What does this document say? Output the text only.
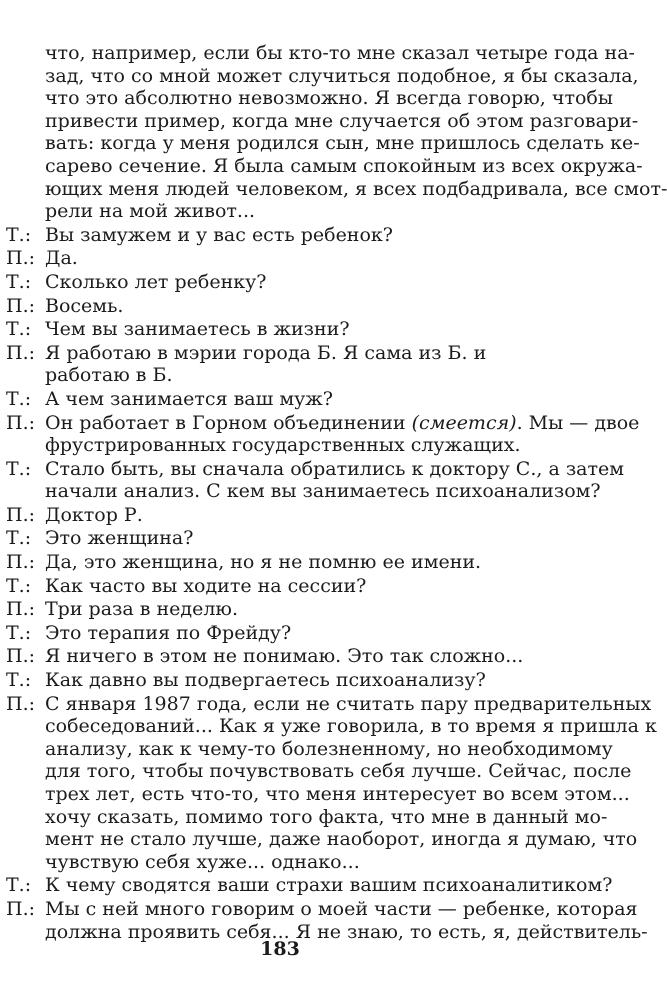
что, например, если бы кто-то мне сказал четыре года на-
зад, что со мной может случиться подобное, я бы сказала,
что это абсолютно невозможно. Я всегда говорю, чтобы
привести пример, когда мне случается об этом разговари-
вать: когда у меня родился сын, мне пришлось сделать ке-
сарево сечение. Я была самым спокойным из всех окружа-
ющих меня людей человеком, я всех подбадривала, все смот-
рели на мой живот...
Т.: Вы замужем и у вас есть ребенок?
П.: Да.
Т.: Сколько лет ребенку?
П.: Восемь.
Т.: Чем вы занимаетесь в жизни?
П.: Я работаю в мэрии города Б. Я сама из Б. и
работаю в Б.
Т.: А чем занимается ваш муж?
П.: Он работает в Горном объединении (смеется). Мы — двое
фрустрированных государственных служащих.
Т.: Стало быть, вы сначала обратились к доктору С., а затем
начали анализ. С кем вы занимаетесь психоанализом?
П.: Доктор Р.
Т.: Это женщина?
П.: Да, это женщина, но я не помню ее имени.
Т.: Как часто вы ходите на сессии?
П.: Три раза в неделю.
Т.: Это терапия по Фрейду?
П.: Я ничего в этом не понимаю. Это так сложно...
Т.: Как давно вы подвергаетесь психоанализу?
П.: С января 1987 года, если не считать пару предварительных
собеседований... Как я уже говорила, в то время я пришла к
анализу, как к чему-то болезненному, но необходимому
для того, чтобы почувствовать себя лучше. Сейчас, после
трех лет, есть что-то, что меня интересует во всем этом...
хочу сказать, помимо того факта, что мне в данный мо-
мент не стало лучше, даже наоборот, иногда я думаю, что
чувствую себя хуже... однако...
Т.: К чему сводятся ваши страхи вашим психоаналитиком?
П.: Мы с ней много говорим о моей части — ребенке, которая
должна проявить себя... Я не знаю, то есть, я, действитель-
183
